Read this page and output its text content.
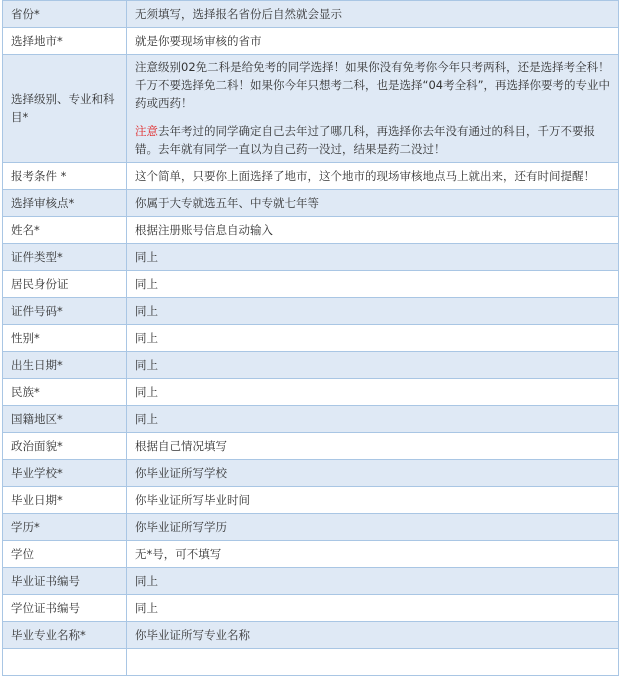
省份*	无须填写，选择报名省份后自然就会显示
选择地市*	就是你要现场审核的省市
选择级别、专业和科目*	注意级别02免二科是给免考的同学选择！如果你没有免考你今年只考两科，还是选择考全科！千万不要选择免二科！如果你今年只想考二科，也是选择“04考全科”，再选择你要考的专业中药或西药！
注意去年考过的同学确定自己去年过了哪几科，再选择你去年没有通过的科目，千万不要报错。去年就有同学一直以为自己药一没过，结果是药二没过！

报考条件 *	这个简单，只要你上面选择了地市，这个地市的现场审核地点马上就出来，还有时间提醒！
选择审核点*	你属于大专就选五年、中专就七年等
姓名*	根据注册账号信息自动输入
证件类型*	同上
居民身份证	同上
证件号码*	同上
性别*	同上
出生日期*	同上
民族*	同上
国籍地区*	同上
政治面貌*	根据自己情况填写
毕业学校*	你毕业证所写学校
毕业日期*	你毕业证所写毕业时间
学历*	你毕业证所写学历
学位	无*号，可不填写
毕业证书编号	同上
学位证书编号	同上
毕业专业名称*	你毕业证所写专业名称
